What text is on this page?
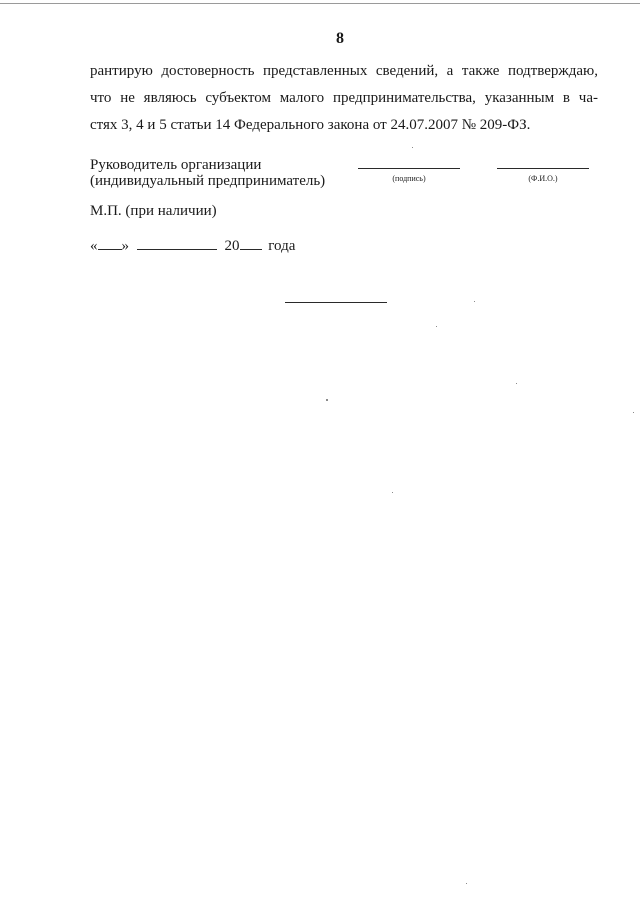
8
рантирую достоверность представленных сведений, а также подтверждаю,
что не являюсь субъектом малого предпринимательства, указанным в ча-
стях 3, 4 и 5 статьи 14 Федерального закона от 24.07.2007 № 209-ФЗ.
Руководитель организации
(индивидуальный предприниматель)	(подпись)	(Ф.И.О.)
М.П. (при наличии)
« »	20 года
